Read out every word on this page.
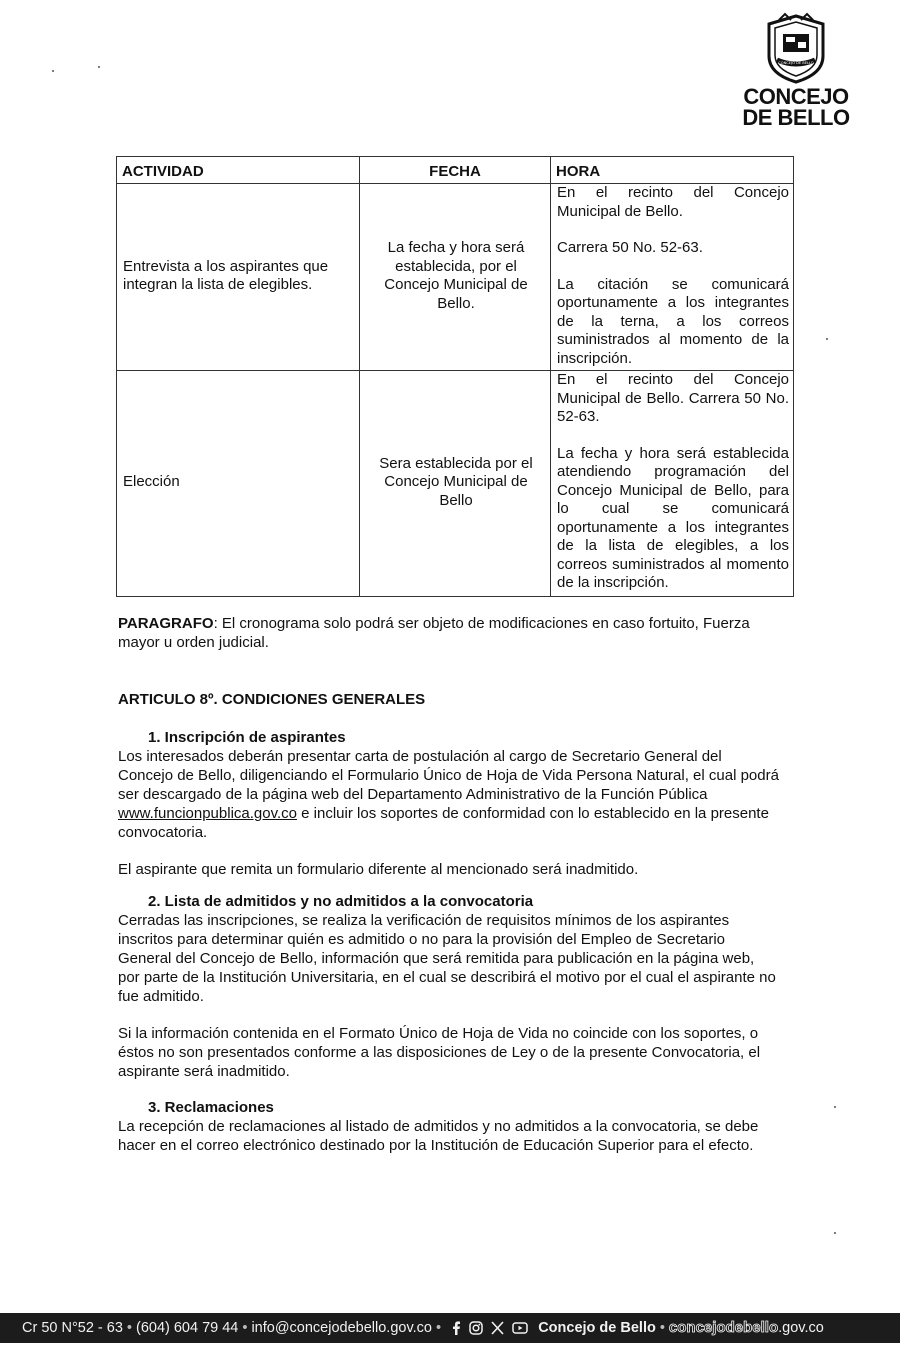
CONCEJO DE BELLO
CONCEJO
DE BELLO
ACTIVIDAD	FECHA	HORA
Entrevista a los aspirantes que integran la lista de elegibles.	La fecha y hora será establecida, por el Concejo Municipal de Bello.	En el recinto del Concejo Municipal de Bello.

Carrera 50 No. 52-63.

La citación se comunicará oportunamente a los integrantes de la terna, a los correos suministrados al momento de la inscripción.

Elección	Sera establecida por el Concejo Municipal de Bello	En el recinto del Concejo Municipal de Bello. Carrera 50 No. 52-63.

La fecha y hora será establecida atendiendo programación del Concejo Municipal de Bello, para lo cual se comunicará oportunamente a los integrantes de la lista de elegibles, a los correos suministrados al momento de la inscripción.

PARAGRAFO: El cronograma solo podrá ser objeto de modificaciones en caso fortuito, Fuerza mayor u orden judicial.

ARTICULO 8º. CONDICIONES GENERALES

1. Inscripción de aspirantes

Los interesados deberán presentar carta de postulación al cargo de Secretario General del Concejo de Bello, diligenciando el Formulario Único de Hoja de Vida Persona Natural, el cual podrá ser descargado de la página web del Departamento Administrativo de la Función Pública www.funcionpublica.gov.co e incluir los soportes de conformidad con lo establecido en la presente convocatoria.

El aspirante que remita un formulario diferente al mencionado será inadmitido.

2. Lista de admitidos y no admitidos a la convocatoria

Cerradas las inscripciones, se realiza la verificación de requisitos mínimos de los aspirantes inscritos para determinar quién es admitido o no para la provisión del Empleo de Secretario General del Concejo de Bello, información que será remitida para publicación en la página web, por parte de la Institución Universitaria, en el cual se describirá el motivo por el cual el aspirante no fue admitido.

Si la información contenida en el Formato Único de Hoja de Vida no coincide con los soportes, o éstos no son presentados conforme a las disposiciones de Ley o de la presente Convocatoria, el aspirante será inadmitido.

3. Reclamaciones

La recepción de reclamaciones al listado de admitidos y no admitidos a la convocatoria, se debe hacer en el correo electrónico destinado por la Institución de Educación Superior para el efecto.

Cr 50 N°52 - 63 • (604) 604 79 44 • info@concejodebello.gov.co •	Concejo de Bello • concejodebello.gov.co
